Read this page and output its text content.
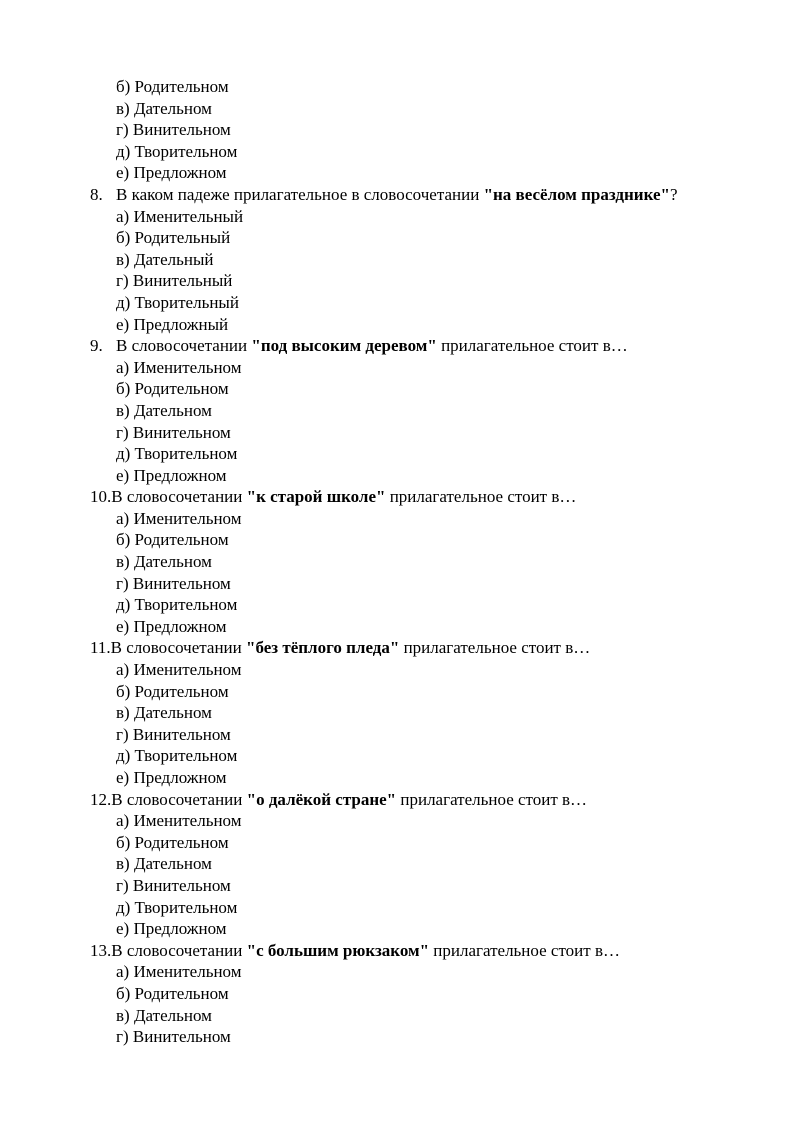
б) Родительном
в) Дательном
г) Винительном
д) Творительном
е) Предложном
8. В каком падеже прилагательное в словосочетании "на весёлом празднике"?
а) Именительный
б) Родительный
в) Дательный
г) Винительный
д) Творительный
е) Предложный
9. В словосочетании "под высоким деревом" прилагательное стоит в…
а) Именительном
б) Родительном
в) Дательном
г) Винительном
д) Творительном
е) Предложном
10.В словосочетании "к старой школе" прилагательное стоит в…
а) Именительном
б) Родительном
в) Дательном
г) Винительном
д) Творительном
е) Предложном
11.В словосочетании "без тёплого пледа" прилагательное стоит в…
а) Именительном
б) Родительном
в) Дательном
г) Винительном
д) Творительном
е) Предложном
12.В словосочетании "о далёкой стране" прилагательное стоит в…
а) Именительном
б) Родительном
в) Дательном
г) Винительном
д) Творительном
е) Предложном
13.В словосочетании "с большим рюкзаком" прилагательное стоит в…
а) Именительном
б) Родительном
в) Дательном
г) Винительном
